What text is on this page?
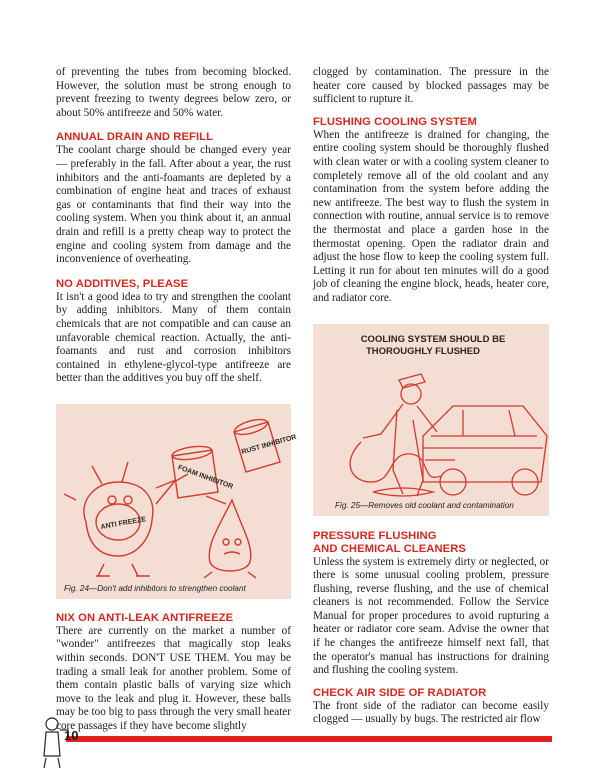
of preventing the tubes from becoming blocked. However, the solution must be strong enough to prevent freezing to twenty degrees below zero, or about 50% antifreeze and 50% water.

ANNUAL DRAIN AND REFILL

The coolant charge should be changed every year — preferably in the fall. After about a year, the rust inhibitors and the anti-foamants are depleted by a combination of engine heat and traces of exhaust gas or contaminants that find their way into the cooling system. When you think about it, an annual drain and refill is a pretty cheap way to protect the engine and cooling system from damage and the inconvenience of overheating.

NO ADDITIVES, PLEASE

It isn't a good idea to try and strengthen the coolant by adding inhibitors. Many of them contain chemicals that are not compatible and can cause an unfavorable chemical reaction. Actually, the anti-foamants and rust and corrosion inhibitors contained in ethylene-glycol-type antifreeze are better than the additives you buy off the shelf.

RUST INHIBITOR
FOAM INHIBITOR
ANTI FREEZE

Fig. 24—Don't add inhibitors to strengthen coolant

NIX ON ANTI-LEAK ANTIFREEZE

There are currently on the market a number of "wonder" antifreezes that magically stop leaks within seconds. DON'T USE THEM. You may be trading a small leak for another problem. Some of them contain plastic balls of varying size which move to the leak and plug it. However, these balls may be too big to pass through the very small heater core passages if they have become slightly

clogged by contamination. The pressure in the heater core caused by blocked passages may be sufficient to rupture it.

FLUSHING COOLING SYSTEM

When the antifreeze is drained for changing, the entire cooling system should be thoroughly flushed with clean water or with a cooling system cleaner to completely remove all of the old coolant and any contamination from the system before adding the new antifreeze. The best way to flush the system in connection with routine, annual service is to remove the thermostat and place a garden hose in the thermostat opening. Open the radiator drain and adjust the hose flow to keep the cooling system full. Letting it run for about ten minutes will do a good job of cleaning the engine block, heads, heater core, and radiator core.

COOLING SYSTEM SHOULD BE
THOROUGHLY FLUSHED

Fig. 25—Removes old coolant and contamination

PRESSURE FLUSHING
AND CHEMICAL CLEANERS

Unless the system is extremely dirty or neglected, or there is some unusual cooling problem, pressure flushing, reverse flushing, and the use of chemical cleaners is not recommended. Follow the Service Manual for proper procedures to avoid rupturing a heater or radiator core seam. Advise the owner that if he changes the antifreeze himself next fall, that the operator's manual has instructions for draining and flushing the cooling system.

CHECK AIR SIDE OF RADIATOR

The front side of the radiator can become easily clogged — usually by bugs. The restricted air flow

10
